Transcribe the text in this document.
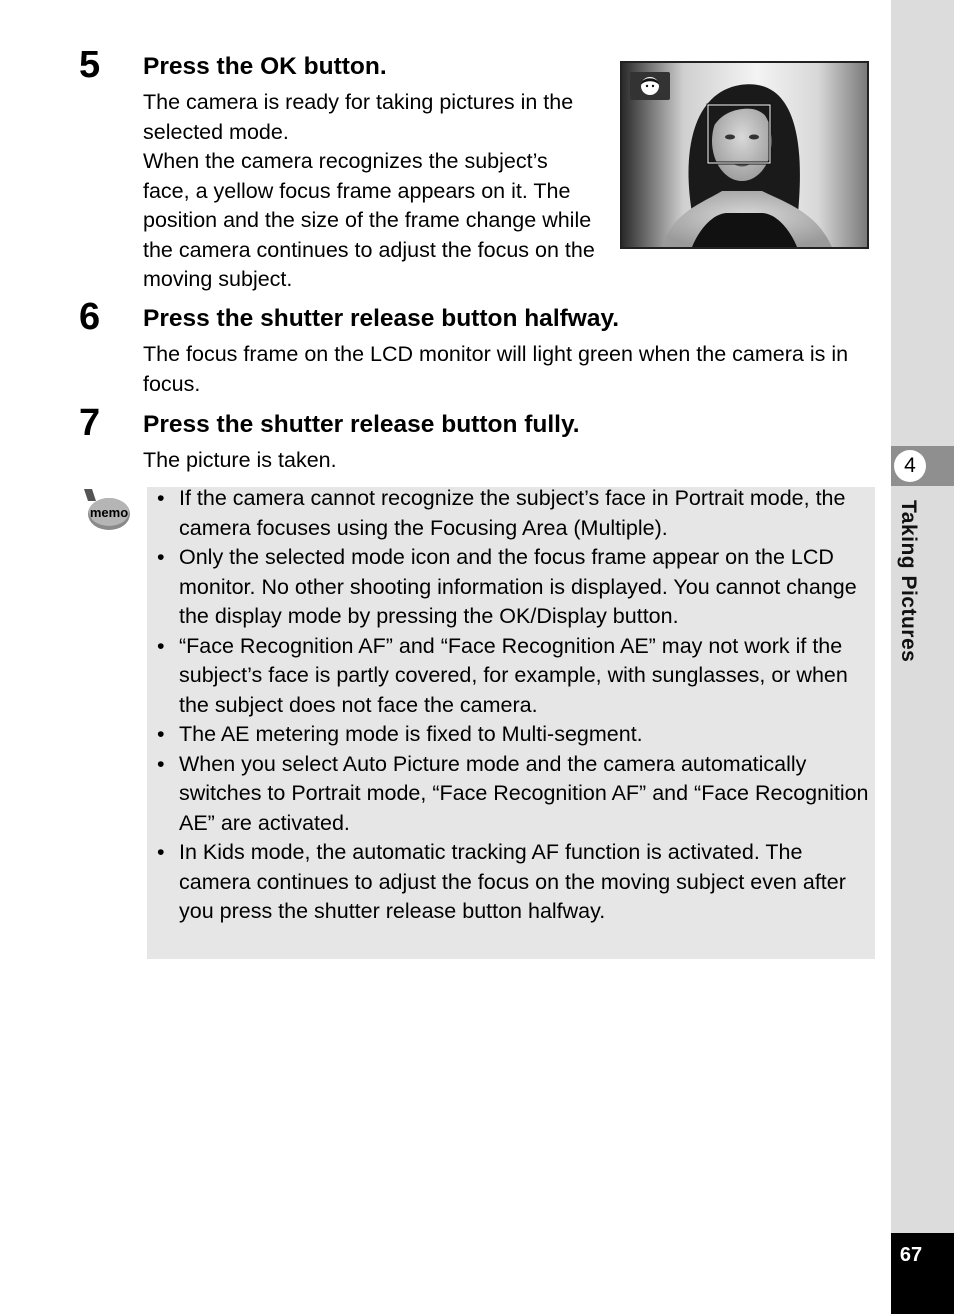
5 Press the OK button.

The camera is ready for taking pictures in the selected mode.

When the camera recognizes the subject’s face, a yellow focus frame appears on it. The position and the size of the frame change while the camera continues to adjust the focus on the moving subject.

6 Press the shutter release button halfway.

The focus frame on the LCD monitor will light green when the camera is in focus.

7 Press the shutter release button fully.

The picture is taken.

memo
• If the camera cannot recognize the subject’s face in Portrait mode, the camera focuses using the Focusing Area (Multiple).
• Only the selected mode icon and the focus frame appear on the LCD monitor. No other shooting information is displayed. You cannot change the display mode by pressing the OK/Display button.
• “Face Recognition AF” and “Face Recognition AE” may not work if the subject’s face is partly covered, for example, with sunglasses, or when the subject does not face the camera.
• The AE metering mode is fixed to Multi-segment.
• When you select Auto Picture mode and the camera automatically switches to Portrait mode, “Face Recognition AF” and “Face Recognition AE” are activated.
• In Kids mode, the automatic tracking AF function is activated. The camera continues to adjust the focus on the moving subject even after you press the shutter release button halfway.
4
Taking Pictures
67
